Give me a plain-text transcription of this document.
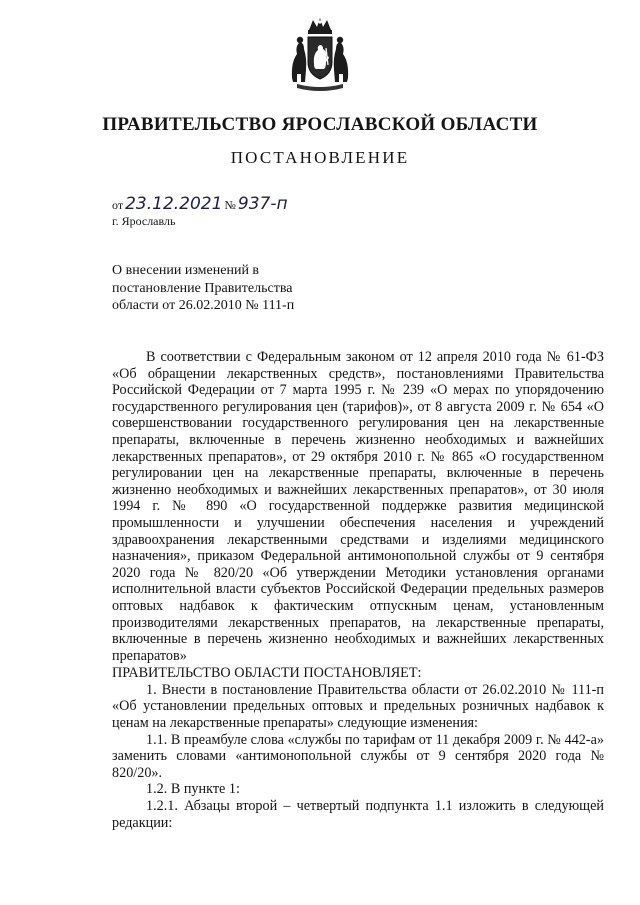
ПРАВИТЕЛЬСТВО ЯРОСЛАВСКОЙ ОБЛАСТИ
ПОСТАНОВЛЕНИЕ
от 23.12.2021 № 937-п
г. Ярославль
О внесении изменений в
постановление Правительства
области от 26.02.2010 № 111-п

В соответствии с Федеральным законом от 12 апреля 2010 года № 61-ФЗ «Об обращении лекарственных средств», постановлениями Правительства Российской Федерации от 7 марта 1995 г. № 239 «О мерах по упорядочению государственного регулирования цен (тарифов)», от 8 августа 2009 г. № 654 «О совершенствовании государственного регулирования цен на лекарственные препараты, включенные в перечень жизненно необходимых и важнейших лекарственных препаратов», от 29 октября 2010 г. № 865 «О государственном регулировании цен на лекарственные препараты, включенные в перечень жизненно необходимых и важнейших лекарственных препаратов», от 30 июля 1994 г. № 890 «О государственной поддержке развития медицинской промышленности и улучшении обеспечения населения и учреждений здравоохранения лекарственными средствами и изделиями медицинского назначения», приказом Федеральной антимонопольной службы от 9 сентября 2020 года № 820/20 «Об утверждении Методики установления органами исполнительной власти субъектов Российской Федерации предельных размеров оптовых надбавок к фактическим отпускным ценам, установленным производителями лекарственных препаратов, на лекарственные препараты, включенные в перечень жизненно необходимых и важнейших лекарственных препаратов»

ПРАВИТЕЛЬСТВО ОБЛАСТИ ПОСТАНОВЛЯЕТ:

1. Внести в постановление Правительства области от 26.02.2010 № 111-п «Об установлении предельных оптовых и предельных розничных надбавок к ценам на лекарственные препараты» следующие изменения:

1.1. В преамбуле слова «службы по тарифам от 11 декабря 2009 г. № 442-а» заменить словами «антимонопольной службы от 9 сентября 2020 года № 820/20».

1.2. В пункте 1:

1.2.1. Абзацы второй – четвертый подпункта 1.1 изложить в следующей редакции:
